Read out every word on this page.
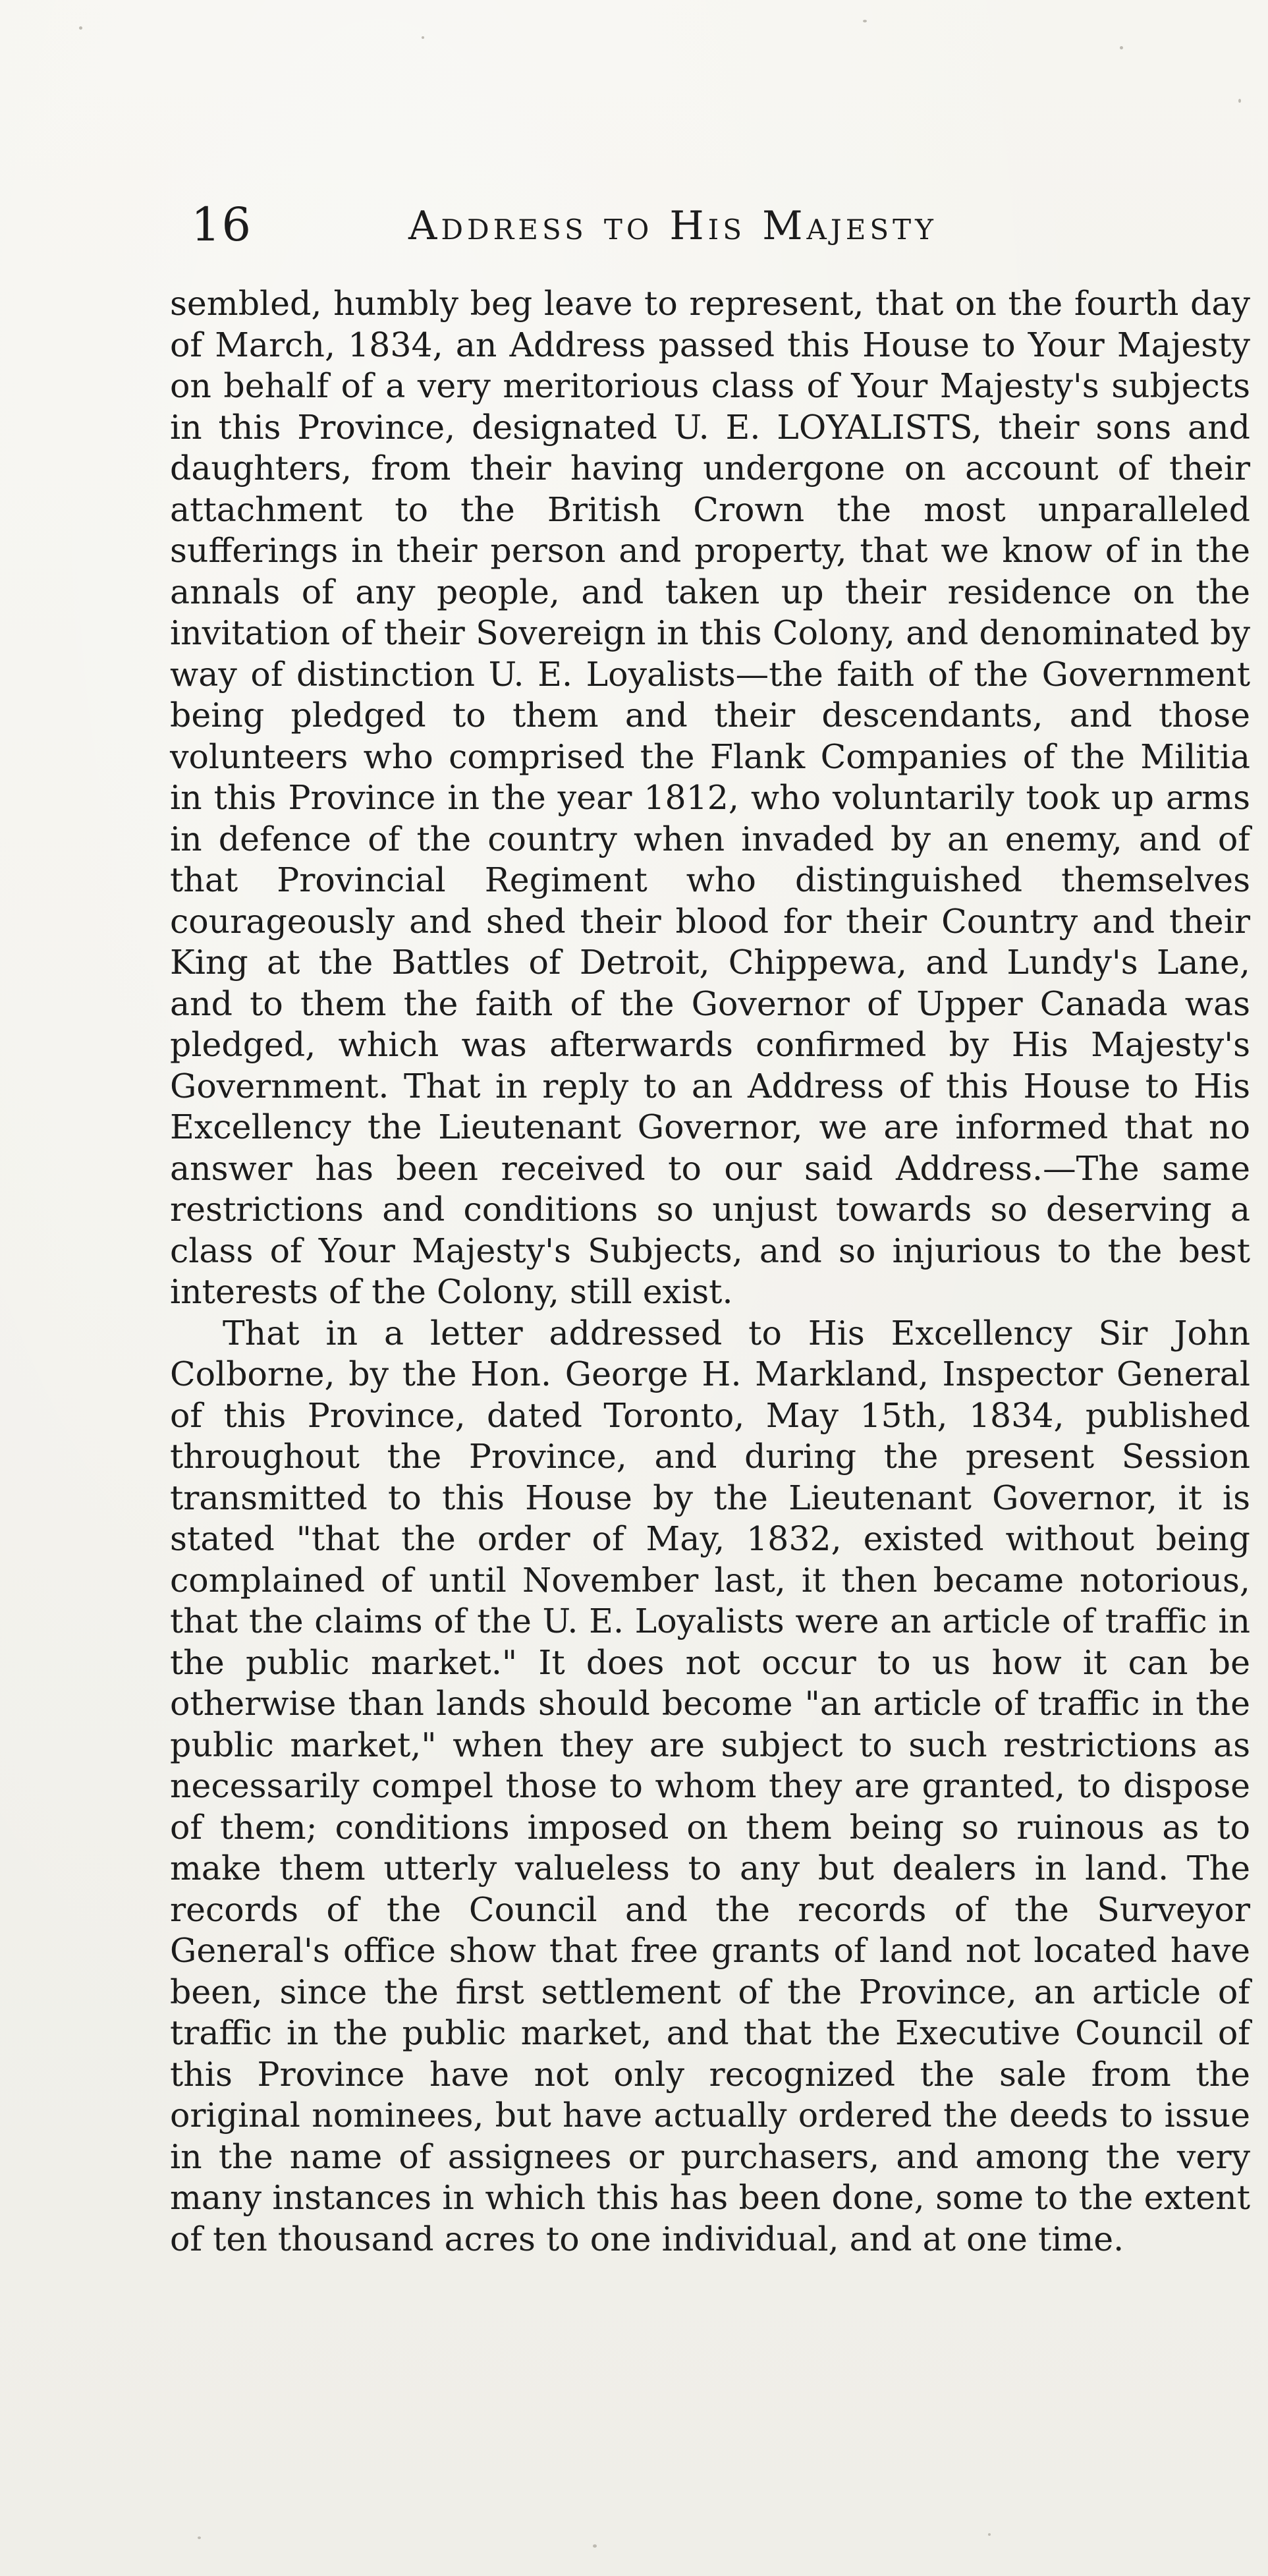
16	Address to His Majesty

sembled, humbly beg leave to represent, that on the fourth day of March, 1834, an Address passed this House to Your Majesty on behalf of a very meritorious class of Your Majesty's subjects in this Province, designated U. E. LOYALISTS, their sons and daughters, from their having undergone on account of their attachment to the British Crown the most unparalleled sufferings in their person and property, that we know of in the annals of any people, and taken up their residence on the invitation of their Sovereign in this Colony, and denominated by way of distinction U. E. Loyalists—the faith of the Government being pledged to them and their descendants, and those volunteers who comprised the Flank Companies of the Militia in this Province in the year 1812, who voluntarily took up arms in defence of the country when invaded by an enemy, and of that Provincial Regiment who distinguished themselves courageously and shed their blood for their Country and their King at the Battles of Detroit, Chippewa, and Lundy's Lane, and to them the faith of the Governor of Upper Canada was pledged, which was afterwards confirmed by His Majesty's Government. That in reply to an Address of this House to His Excellency the Lieutenant Governor, we are informed that no answer has been received to our said Address.—The same restrictions and conditions so unjust towards so deserving a class of Your Majesty's Subjects, and so injurious to the best interests of the Colony, still exist.

That in a letter addressed to His Excellency Sir John Colborne, by the Hon. George H. Markland, Inspector General of this Province, dated Toronto, May 15th, 1834, published throughout the Province, and during the present Session transmitted to this House by the Lieutenant Governor, it is stated "that the order of May, 1832, existed without being complained of until November last, it then became notorious, that the claims of the U. E. Loyalists were an article of traffic in the public market." It does not occur to us how it can be otherwise than lands should become "an article of traffic in the public market," when they are subject to such restrictions as necessarily compel those to whom they are granted, to dispose of them; conditions imposed on them being so ruinous as to make them utterly valueless to any but dealers in land. The records of the Council and the records of the Surveyor General's office show that free grants of land not located have been, since the first settlement of the Province, an article of traffic in the public market, and that the Executive Council of this Province have not only recognized the sale from the original nominees, but have actually ordered the deeds to issue in the name of assignees or purchasers, and among the very many instances in which this has been done, some to the extent of ten thousand acres to one individual, and at one time.
